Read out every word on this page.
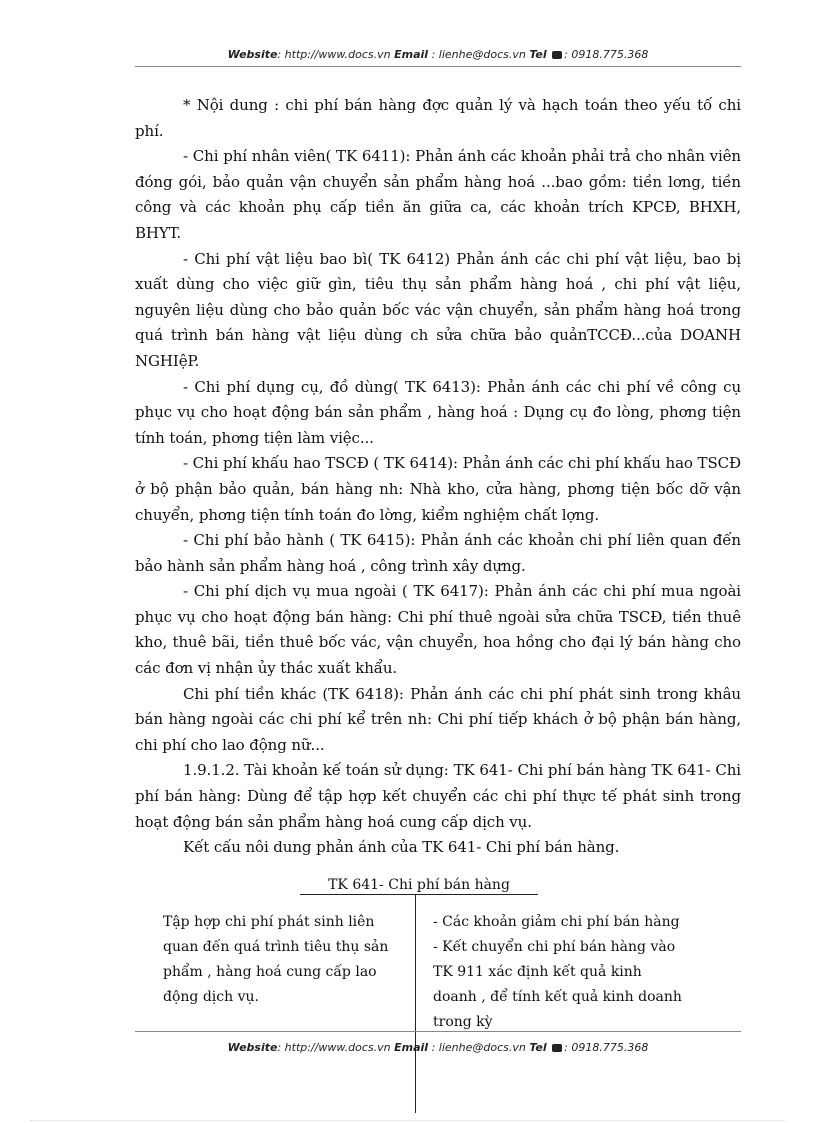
Website: http://www.docs.vn Email : lienhe@docs.vn Tel : 0918.775.368

* Nội dung : chi phí bán hàng đợc quản lý và hạch toán theo yếu tố chi phí.

- Chi phí nhân viên( TK 6411): Phản ánh các khoản phải trả cho nhân viên đóng gói, bảo quản vận chuyển sản phẩm hàng hoá ...bao gồm: tiền lơng, tiền công và các khoản phụ cấp tiền ăn giữa ca, các khoản trích KPCĐ, BHXH, BHYT.

- Chi phí vật liệu bao bì( TK 6412) Phản ánh các chi phí vật liệu, bao bị xuất dùng cho việc giữ gìn, tiêu thụ sản phẩm hàng hoá , chi phí vật liệu, nguyên liệu dùng cho bảo quản bốc vác vận chuyển, sản phẩm hàng hoá trong quá trình bán hàng vật liệu dùng ch sửa chữa bảo quảnTCCĐ...của DOANH NGHIệP.

- Chi phí dụng cụ, đồ dùng( TK 6413): Phản ánh các chi phí về công cụ phục vụ cho hoạt động bán sản phẩm , hàng hoá : Dụng cụ đo lòng, phơng tiện tính toán, phơng tiện làm việc...

- Chi phí khấu hao TSCĐ ( TK 6414): Phản ánh các chi phí khấu hao TSCĐ ở bộ phận bảo quản, bán hàng nh: Nhà kho, cửa hàng, phơng tiện bốc dỡ vận chuyển, phơng tiện tính toán đo lờng, kiểm nghiệm chất lợng.

- Chi phí bảo hành ( TK 6415): Phản ánh các khoản chi phí liên quan đến bảo hành sản phẩm hàng hoá , công trình xây dựng.

- Chi phí dịch vụ mua ngoài ( TK 6417): Phản ánh các chi phí mua ngoài phục vụ cho hoạt động bán hàng: Chi phí thuê ngoài sửa chữa TSCĐ, tiền thuê kho, thuê bãi, tiền thuê bốc vác, vận chuyển, hoa hồng cho đại lý bán hàng cho các đơn vị nhận ủy thác xuất khẩu.

Chi phí tiền khác (TK 6418): Phản ánh các chi phí phát sinh trong khâu bán hàng ngoài các chi phí kể trên nh: Chi phí tiếp khách ở bộ phận bán hàng, chi phí cho lao động nữ...

1.9.1.2. Tài khoản kế toán sử dụng: TK 641- Chi phí bán hàng TK 641- Chi phí bán hàng: Dùng để tập hợp kết chuyển các chi phí thực tế phát sinh trong hoạt động bán sản phẩm hàng hoá cung cấp dịch vụ.

Kết cấu nôi dung phản ánh của TK 641- Chi phí bán hàng.

TK 641- Chi phí bán hàng

Tập hợp chi phí phát sinh liên quan đến quá trình tiêu thụ sản phẩm , hàng hoá cung cấp lao động dịch vụ.

- Các khoản giảm chi phí bán hàng

- Kết chuyển chi phí bán hàng vào TK 911 xác định kết quả kinh doanh , để tính kết quả kinh doanh trong kỳ

Website: http://www.docs.vn Email : lienhe@docs.vn Tel : 0918.775.368
